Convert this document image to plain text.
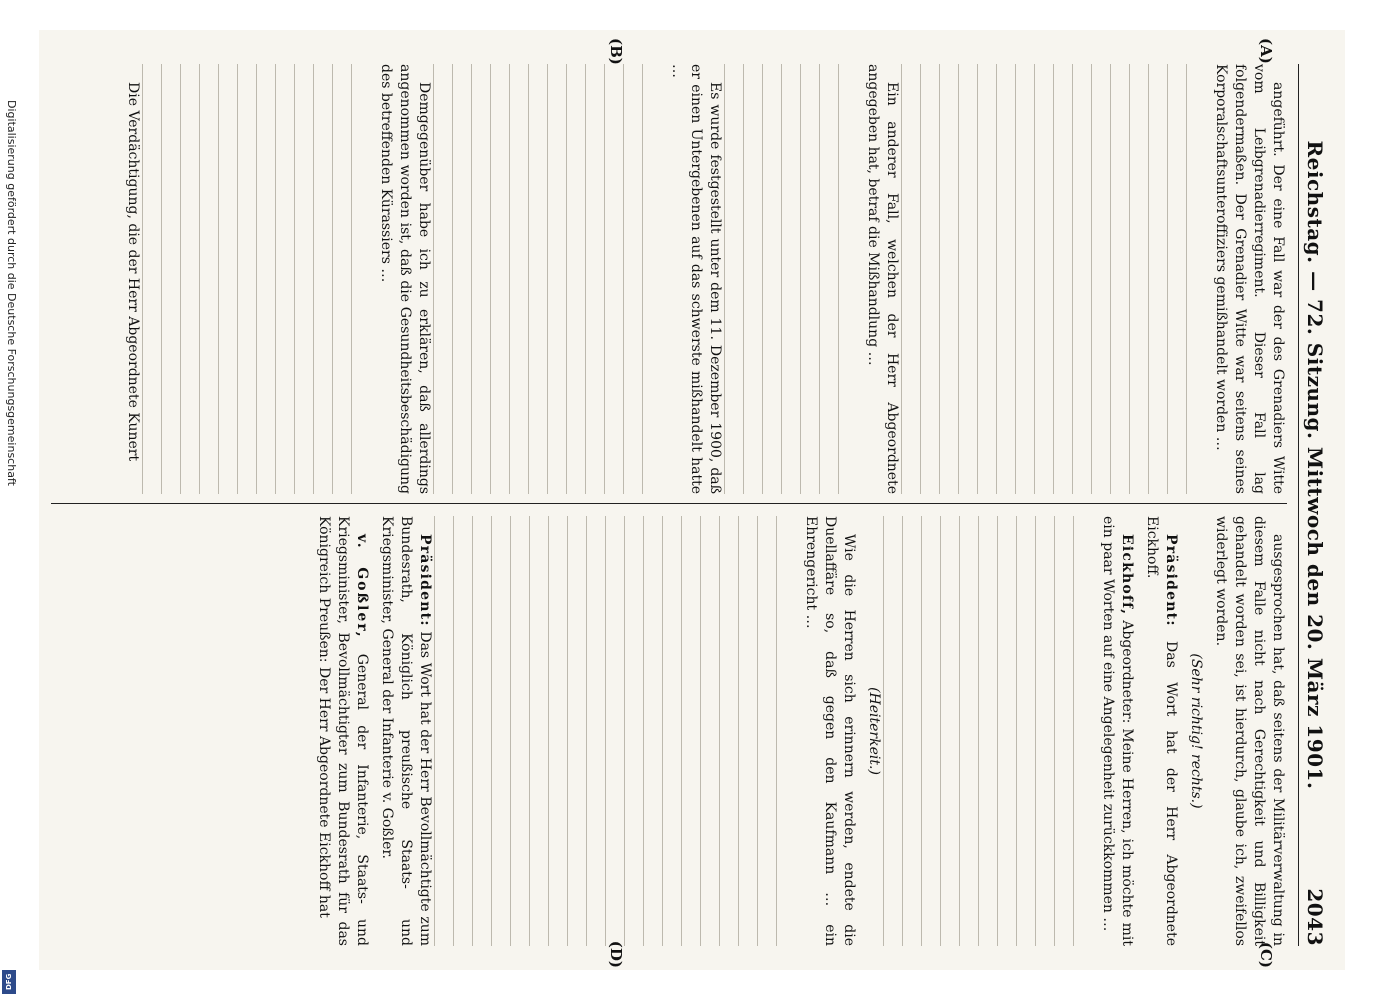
Reichstag. — 72. Sitzung. Mittwoch den 20. März 1901.
2043
(A)
(B)
(C)
(D)

angeführt. Der eine Fall war der des Grenadiers Witte vom Leibgrenadierregiment. Dieser Fall lag folgendermaßen. Der Grenadier Witte war seitens seines Korporalschaftsunteroffiziers gemißhandelt worden …

Ein anderer Fall, welchen der Herr Abgeordnete angegeben hat, betraf die Mißhandlung …

Es wurde festgestellt unter dem 11. Dezember 1900, daß er einen Untergebenen auf das schwerste mißhandelt hatte …

Demgegenüber habe ich zu erklären, daß allerdings angenommen worden ist, daß die Gesundheitsbeschädigung des betreffenden Kürassiers …

Die Verdächtigung, die der Herr Abgeordnete Kunert

ausgesprochen hat, daß seitens der Militärverwaltung in diesem Falle nicht nach Gerechtigkeit und Billigkeit gehandelt worden sei, ist hierdurch, glaube ich, zweifellos widerlegt worden.

(Sehr richtig! rechts.)

Präsident: Das Wort hat der Herr Abgeordnete Eickhoff.

Eickhoff, Abgeordneter: Meine Herren, ich möchte mit ein paar Worten auf eine Angelegenheit zurückkommen …

(Heiterkeit.)

Wie die Herren sich erinnern werden, endete die Duellaffäre so, daß gegen den Kaufmann … ein Ehrengericht …

Präsident: Das Wort hat der Herr Bevollmächtigte zum Bundesrath, Königlich preußische Staats- und Kriegsminister, General der Infanterie v. Goßler.

v. Goßler, General der Infanterie, Staats- und Kriegsminister, Bevollmächtigter zum Bundesrath für das Königreich Preußen: Der Herr Abgeordnete Eickhoff hat

Digitalisierung gefördert durch die Deutsche Forschungsgemeinschaft
DFG
